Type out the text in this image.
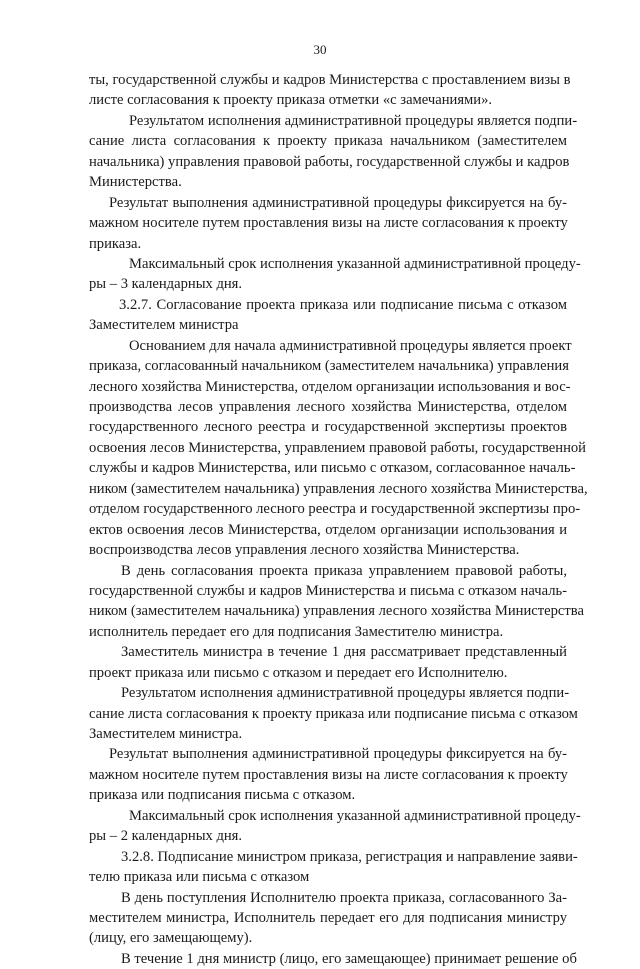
30
ты, государственной службы и кадров Министерства с проставлением визы в
листе согласования к проекту приказа отметки «с замечаниями».
Результатом исполнения административной процедуры является подпи-
сание листа согласования к проекту приказа начальником (заместителем
начальника) управления правовой работы, государственной службы и кадров
Министерства.
Результат выполнения административной процедуры фиксируется на бу-
мажном носителе путем проставления визы на листе согласования к проекту
приказа.
Максимальный срок исполнения указанной административной процеду-
ры – 3 календарных дня.
3.2.7. Согласование проекта приказа или подписание письма с отказом
Заместителем министра
Основанием для начала административной процедуры является проект
приказа, согласованный начальником (заместителем начальника) управления
лесного хозяйства Министерства, отделом организации использования и вос-
производства лесов управления лесного хозяйства Министерства, отделом
государственного лесного реестра и государственной экспертизы проектов
освоения лесов Министерства, управлением правовой работы, государственной
службы и кадров Министерства, или письмо с отказом, согласованное началь-
ником (заместителем начальника) управления лесного хозяйства Министерства,
отделом государственного лесного реестра и государственной экспертизы про-
ектов освоения лесов Министерства, отделом организации использования и
воспроизводства лесов управления лесного хозяйства Министерства.
В день согласования проекта приказа управлением правовой работы,
государственной службы и кадров Министерства и письма с отказом началь-
ником (заместителем начальника) управления лесного хозяйства Министерства
исполнитель передает его для подписания Заместителю министра.
Заместитель министра в течение 1 дня рассматривает представленный
проект приказа или письмо с отказом и передает его Исполнителю.
Результатом исполнения административной процедуры является подпи-
сание листа согласования к проекту приказа или подписание письма с отказом
Заместителем министра.
Результат выполнения административной процедуры фиксируется на бу-
мажном носителе путем проставления визы на листе согласования к проекту
приказа или подписания письма с отказом.
Максимальный срок исполнения указанной административной процеду-
ры – 2 календарных дня.
3.2.8. Подписание министром приказа, регистрация и направление заяви-
телю приказа или письма с отказом
В день поступления Исполнителю проекта приказа, согласованного За-
местителем министра, Исполнитель передает его для подписания министру
(лицу, его замещающему).
В течение 1 дня министр (лицо, его замещающее) принимает решение об
